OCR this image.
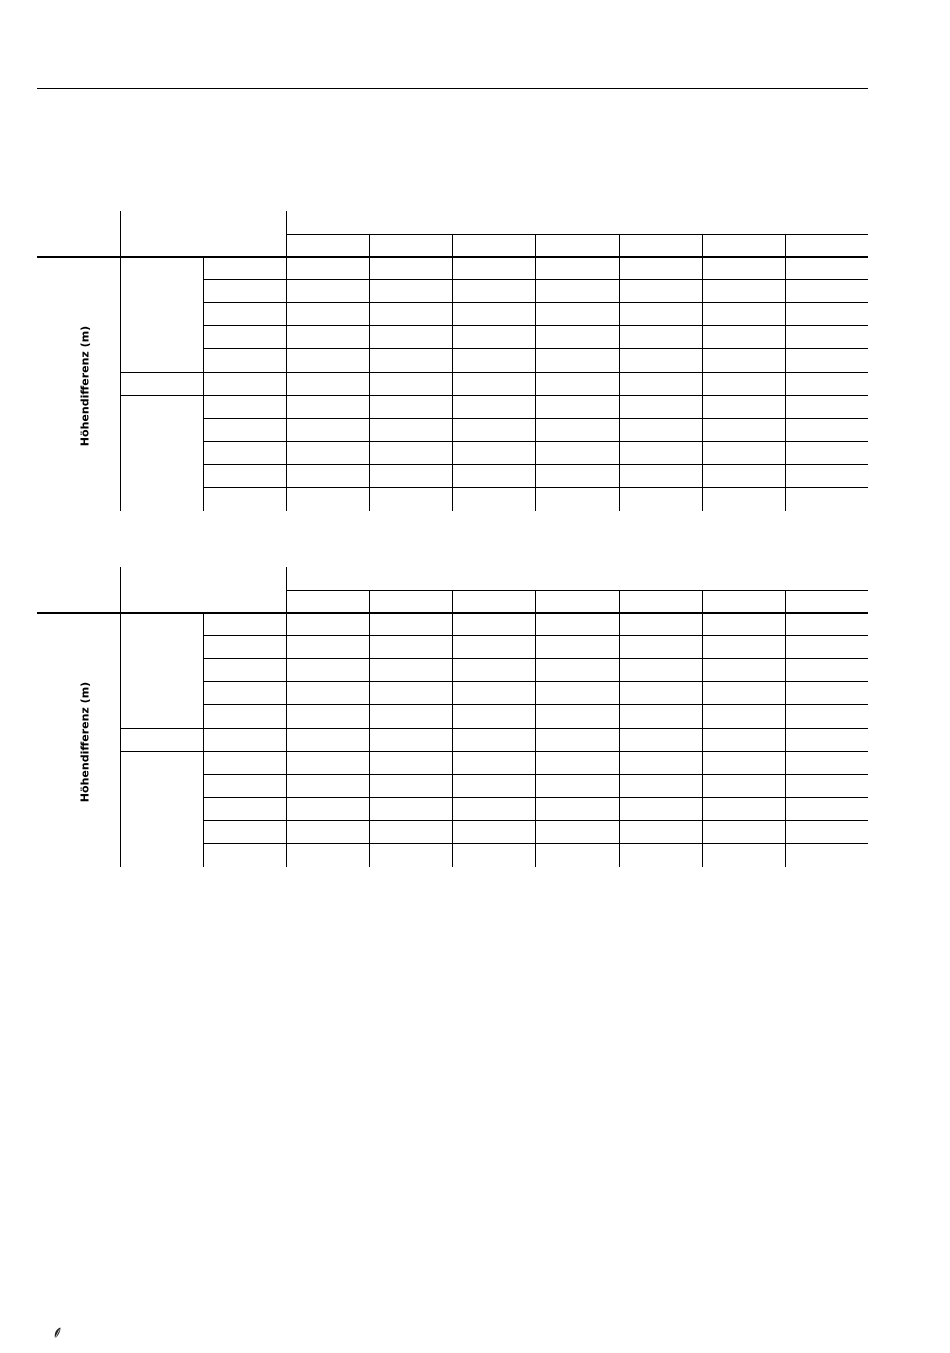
Höhendifferenz (m)
Höhendifferenz (m)
